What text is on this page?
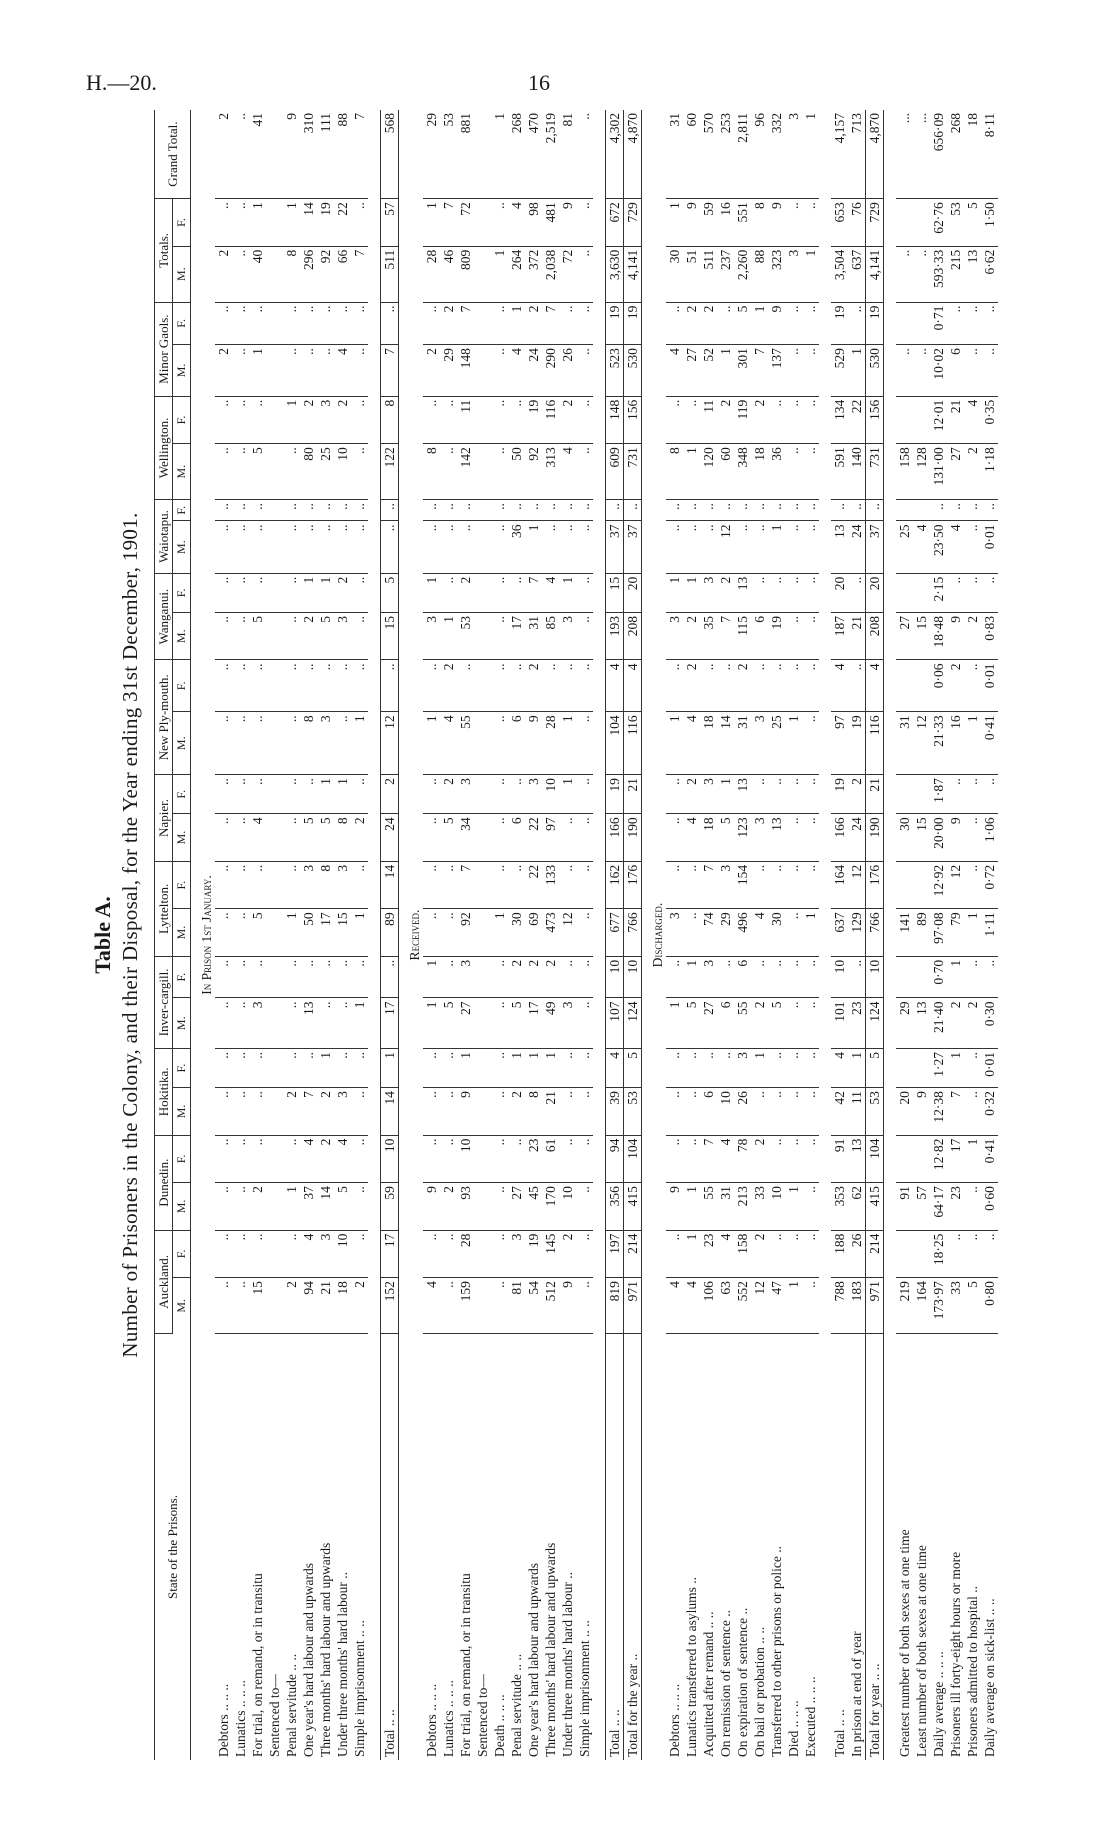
H.—20.	16
Table A. Number of Prisoners in the Colony, and their Disposal, for the Year ending 31st December, 1901.
State of the Prisons.	Auckland.		Dunedin.		Hokitika.		Inver-cargill.		Lyttelton.		Napier.		New Ply-mouth.		Wanganui.		Waiotapu.		Wellington.		Minor Gaols.		Totals.		Grand Total.
	M.	F.	M.	F.	M.	F.	M.	F.	M.	F.	M.	F.	M.	F.	M.	F.	M.	F.	M.	F.	M.	F.	M.	F.	
In Prison 1st January.																									
Debtors .. .. ..	..	..	..	..	..	..	..	..	..	..	..	..	..	..	..	..	..	..	..	..	2	..	2	..	2
Lunatics .. .. ..	..	..	..	..	..	..	..	..	..	..	..	..	..	..	..	..	..	..	..	..	..	..	..	..	..
For trial, on remand, or in transitu	15	..	2	..	..	..	3	..	5	..	4	..	..	..	5	..	..	..	5	..	1	..	40	1	41
Sentenced to—																									
Penal servitude .. ..	2	..	1	..	2	..	..	..	1	..	..	..	..	..	..	..	..	..	..	1	..	..	8	1	9
One year's hard labour and upwards	94	4	37	4	7	..	13	..	50	3	5	..	8	..	2	1	..	..	80	2	..	..	296	14	310
Three months' hard labour and upwards	21	3	14	2	2	1	..	..	17	8	5	1	3	..	5	1	..	..	25	3	..	..	92	19	111
Under three months' hard labour ..	18	10	5	4	3	..	..	..	15	3	8	1	..	..	3	2	..	..	10	2	4	..	66	22	88
Simple imprisonment .. ..	2	..	..	..	..	..	1	..	1	..	2	..	1	..	..	..	..	..	..	..	..	..	7	..	7

Total .. ..	152	17	59	10	14	1	17	..	89	14	24	2	12	..	15	5	..	..	122	8	7	..	511	57	568
Received.																									
Debtors .. .. ..	4	..	9	..	..	..	1	1	..	..	..	..	1	..	3	1	..	..	8	..	2	..	28	1	29
Lunatics .. .. ..	..	..	2	..	..	..	5	..	..	..	5	2	4	2	1	..	..	..	..	..	29	2	46	7	53
For trial, on remand, or in transitu	159	28	93	10	9	1	27	3	92	7	34	3	55	..	53	2	..	..	142	11	148	7	809	72	881
Sentenced to—																									
Death .. .. ..	..	..	..	..	..	..	..	..	1	..	..	..	..	..	..	..	..	..	..	..	..	..	1	..	1
Penal servitude .. ..	81	3	27	..	2	1	5	2	30	..	6	..	6	..	17	..	36	..	50	..	4	1	264	4	268
One year's hard labour and upwards	54	19	45	23	8	1	17	2	69	22	22	3	9	2	31	7	1	..	92	19	24	2	372	98	470
Three months' hard labour and upwards	512	145	170	61	21	1	49	2	473	133	97	10	28	..	85	4	..	..	313	116	290	7	2,038	481	2,519
Under three months' hard labour ..	9	2	10	..	..	..	3	..	12	..	..	1	1	..	3	1	..	..	4	2	26	..	72	9	81
Simple imprisonment .. ..	..	..	..	..	..	..	..	..	..	..	..	..	..	..	..	..	..	..	..	..	..	..	..	..	..

Total .. ..	819	197	356	94	39	4	107	10	677	162	166	19	104	4	193	15	37	..	609	148	523	19	3,630	672	4,302
Total for the year ..	971	214	415	104	53	5	124	10	766	176	190	21	116	4	208	20	37	..	731	156	530	19	4,141	729	4,870
Discharged.																									
Debtors .. .. ..	4	..	9	..	..	..	1	..	3	..	..	..	1	..	3	1	..	..	8	..	4	..	30	1	31
Lunatics transferred to asylums ..	4	1	1	..	..	..	5	1	..	..	4	2	4	2	2	1	..	..	1	..	27	2	51	9	60
Acquitted after remand .. ..	106	23	55	7	6	..	27	3	74	7	18	3	18	..	35	3	..	..	120	11	52	2	511	59	570
On remission of sentence ..	63	4	31	4	10	..	6	..	29	3	5	1	14	..	7	2	12	..	60	2	1	..	237	16	253
On expiration of sentence ..	552	158	213	78	26	3	55	6	496	154	123	13	31	2	115	13	..	..	348	119	301	5	2,260	551	2,811
On bail or probation .. ..	12	2	33	2	..	1	2	..	4	..	3	..	3	..	6	..	..	..	18	2	7	1	88	8	96
Transferred to other prisons or police ..	47	..	10	..	..	..	5	..	30	..	13	..	25	..	19	..	1	..	36	..	137	9	323	9	332
Died .. .. ..	1	..	1	..	..	..	..	..	..	..	..	..	1	..	..	..	..	..	..	..	..	..	3	..	3
Executed .. .. ..	..	..	..	..	..	..	..	..	1	..	..	..	..	..	..	..	..	..	..	..	..	..	1	..	1

Total .. ..	788	188	353	91	42	4	101	10	637	164	166	19	97	4	187	20	13	..	591	134	529	19	3,504	653	4,157
In prison at end of year	183	26	62	13	11	1	23	..	129	12	24	2	19	..	21	..	24	..	140	22	1	..	637	76	713
Total for year .. ..	971	214	415	104	53	5	124	10	766	176	190	21	116	4	208	20	37	..	731	156	530	19	4,141	729	4,870

Greatest number of both sexes at one time	219		91		20		29		141		30		31		27		25		158		..		..		...
Least number of both sexes at one time	164		57		9		13		89		15		12		15		4		128		..		..		...
Daily average .. .. ..	173·97	18·25	64·17	12·82	12·38	1·27	21·40	0·70	97·08	12·92	20·00	1·87	21·33	0·06	18·48	2·15	23·50	..	131·00	12·01	10·02	0·71	593·33	62·76	656·09
Prisoners ill forty-eight hours or more	33	..	23	17	7	1	2	1	79	12	9	..	16	2	9	..	4	..	27	21	6	..	215	53	268
Prisoners admitted to hospital ..	5	..	..	1	..	..	2	..	1	..	..	..	1	..	2	..	..	..	2	4	..	..	13	5	18
Daily average on sick-list .. ..	0·80	..	0·60	0·41	0·32	0·01	0·30	..	1·11	0·72	1·06	..	0·41	0·01	0·83	..	0·01	..	1·18	0·35	..	..	6·62	1·50	8·11
